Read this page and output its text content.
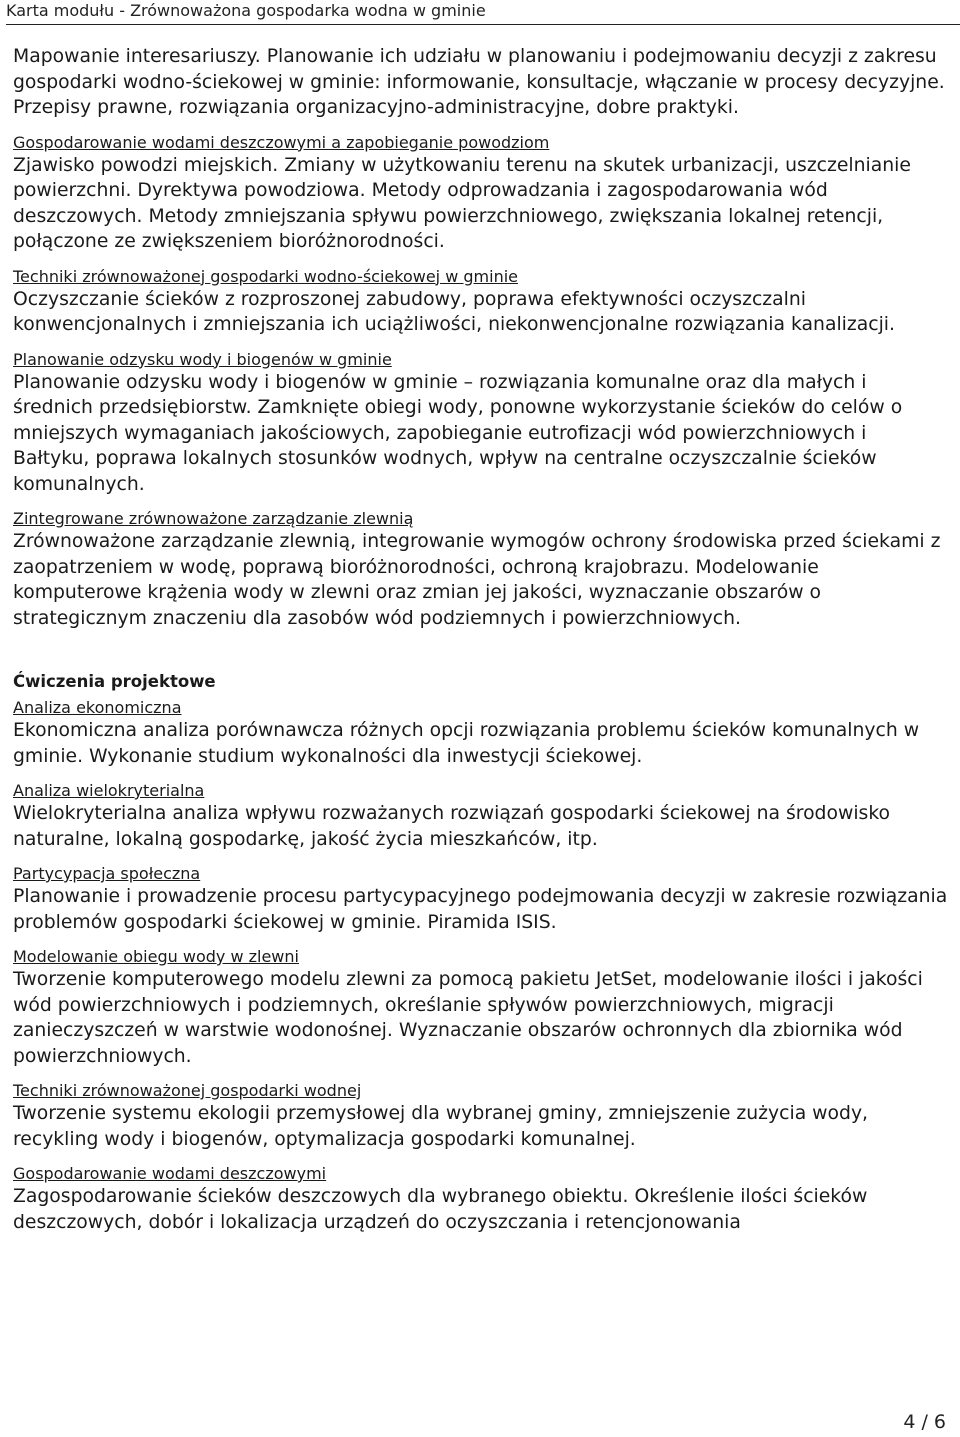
Karta modułu - Zrównoważona gospodarka wodna w gminie

Mapowanie interesariuszy. Planowanie ich udziału w planowaniu i podejmowaniu decyzji z zakresu gospodarki wodno-ściekowej w gminie: informowanie, konsultacje, włączanie w procesy decyzyjne. Przepisy prawne, rozwiązania organizacyjno-administracyjne, dobre praktyki.

Gospodarowanie wodami deszczowymi a zapobieganie powodziom

Zjawisko powodzi miejskich. Zmiany w użytkowaniu terenu na skutek urbanizacji, uszczelnianie powierzchni. Dyrektywa powodziowa. Metody odprowadzania i zagospodarowania wód deszczowych. Metody zmniejszania spływu powierzchniowego, zwiększania lokalnej retencji, połączone ze zwiększeniem bioróżnorodności.

Techniki zrównoważonej gospodarki wodno-ściekowej w gminie

Oczyszczanie ścieków z rozproszonej zabudowy, poprawa efektywności oczyszczalni konwencjonalnych i zmniejszania ich uciążliwości, niekonwencjonalne rozwiązania kanalizacji.

Planowanie odzysku wody i biogenów w gminie

Planowanie odzysku wody i biogenów w gminie – rozwiązania komunalne oraz dla małych i średnich przedsiębiorstw. Zamknięte obiegi wody, ponowne wykorzystanie ścieków do celów o mniejszych wymaganiach jakościowych, zapobieganie eutrofizacji wód powierzchniowych i Bałtyku, poprawa lokalnych stosunków wodnych, wpływ na centralne oczyszczalnie ścieków komunalnych.

Zintegrowane zrównoważone zarządzanie zlewnią

Zrównoważone zarządzanie zlewnią, integrowanie wymogów ochrony środowiska przed ściekami z zaopatrzeniem w wodę, poprawą bioróżnorodności, ochroną krajobrazu. Modelowanie komputerowe krążenia wody w zlewni oraz zmian jej jakości, wyznaczanie obszarów o strategicznym znaczeniu dla zasobów wód podziemnych i powierzchniowych.

Ćwiczenia projektowe

Analiza ekonomiczna

Ekonomiczna analiza porównawcza różnych opcji rozwiązania problemu ścieków komunalnych w gminie. Wykonanie studium wykonalności dla inwestycji ściekowej.

Analiza wielokryterialna

Wielokryterialna analiza wpływu rozważanych rozwiązań gospodarki ściekowej na środowisko naturalne, lokalną gospodarkę, jakość życia mieszkańców, itp.

Partycypacja społeczna

Planowanie i prowadzenie procesu partycypacyjnego podejmowania decyzji w zakresie rozwiązania problemów gospodarki ściekowej w gminie. Piramida ISIS.

Modelowanie obiegu wody w zlewni

Tworzenie komputerowego modelu zlewni za pomocą pakietu JetSet, modelowanie ilości i jakości wód powierzchniowych i podziemnych, określanie spływów powierzchniowych, migracji zanieczyszczeń w warstwie wodonośnej. Wyznaczanie obszarów ochronnych dla zbiornika wód powierzchniowych.

Techniki zrównoważonej gospodarki wodnej

Tworzenie systemu ekologii przemysłowej dla wybranej gminy, zmniejszenie zużycia wody, recykling wody i biogenów, optymalizacja gospodarki komunalnej.

Gospodarowanie wodami deszczowymi

Zagospodarowanie ścieków deszczowych dla wybranego obiektu. Określenie ilości ścieków deszczowych, dobór i lokalizacja urządzeń do oczyszczania i retencjonowania

4 / 6
